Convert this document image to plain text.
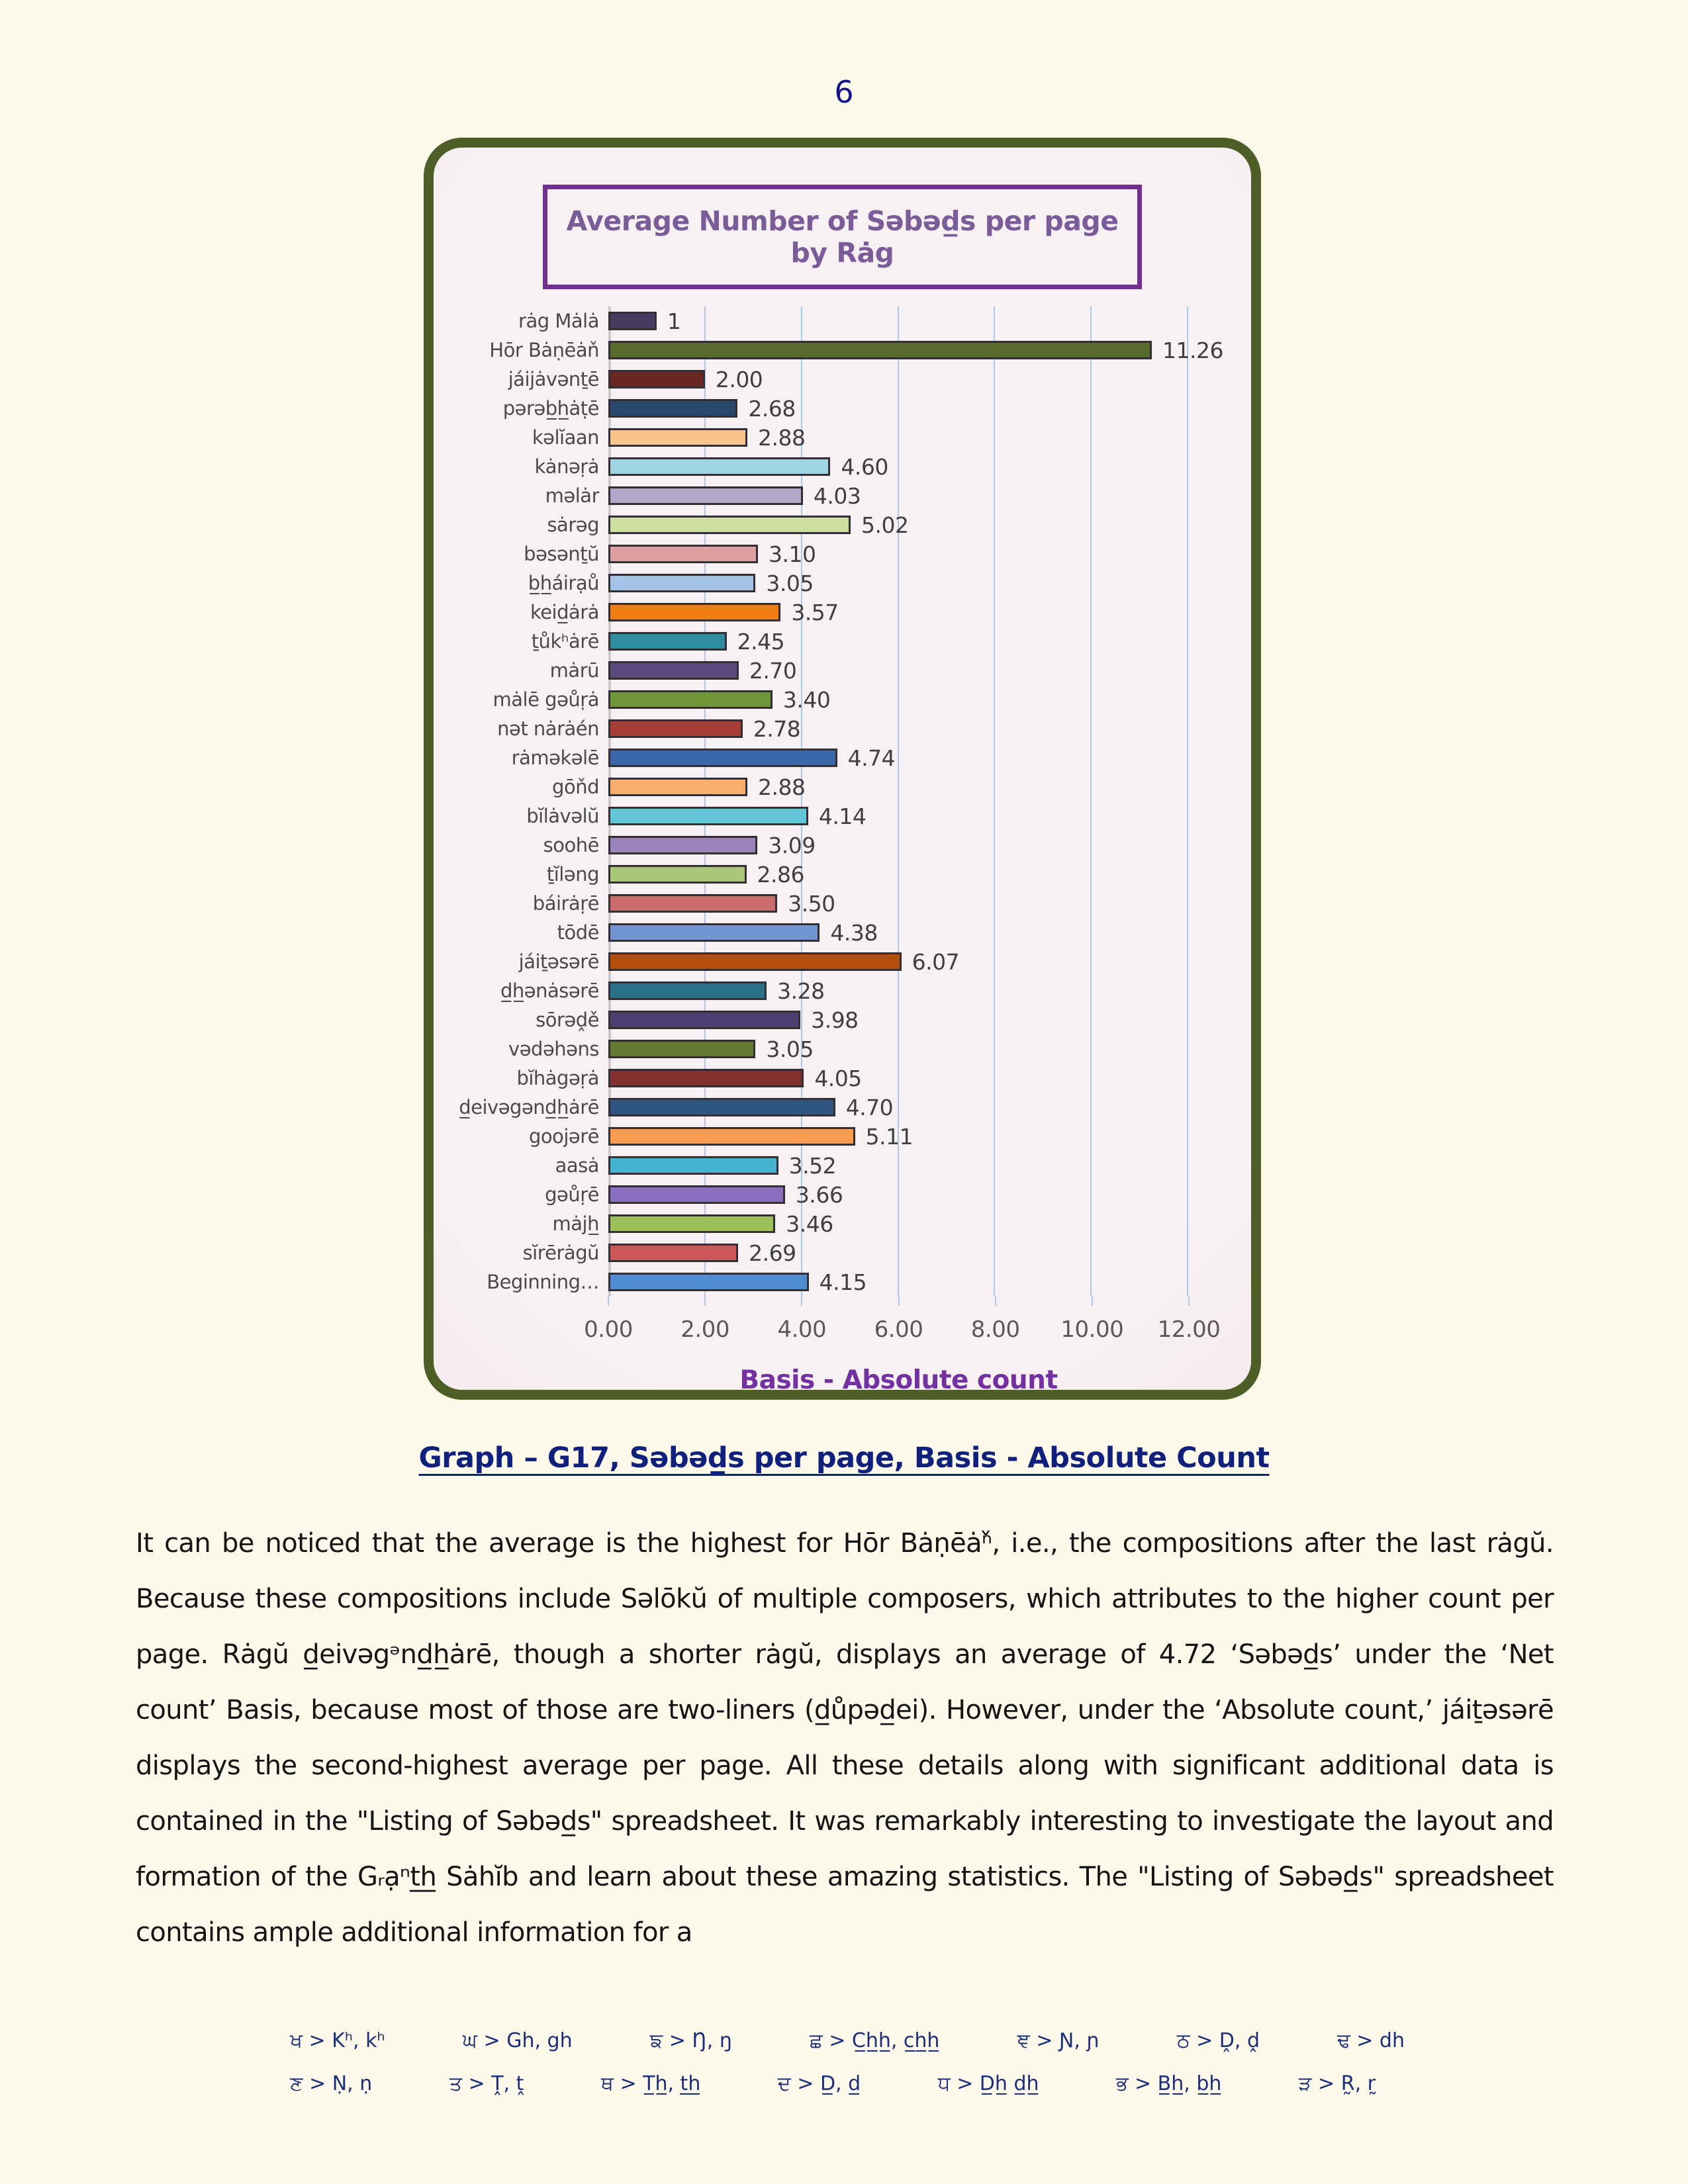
6
Average Number of Səbəd̲s per page by Rȧg
rȧg Mȧlȧ	1
Hōr Bȧṇēȧň	11.26
jáijȧvənṯē	2.00
pərəb̲h̲ȧṭē	2.68
kəlĭaan	2.88
kȧnəṛȧ	4.60
məlȧr	4.03
sȧrəg	5.02
bəsənṯŭ	3.10
b̲h̲áirạů	3.05
keid̲ȧrȧ	3.57
ṯůkʰȧrē	2.45
mȧrū	2.70
mȧlē gəůṛȧ	3.40
nət nȧrȧén	2.78
rȧməkəlē	4.74
gōňd	2.88
bĭlȧvəlŭ	4.14
soohē	3.09
ṯĭləng	2.86
báirȧṛē	3.50
tōdē	4.38
jáiṯəsərē	6.07
d̲h̲ənȧsərē	3.28
sōrəḓě	3.98
vədəhəns	3.05
bĭhȧgəṛȧ	4.05
d̲eivəgənd̲h̲ȧrē	4.70
goojərē	5.11
aasȧ	3.52
gəůṛē	3.66
mȧjh̲	3.46
sĭrērȧgŭ	2.69
Beginning…	4.15
0.00 2.00 4.00 6.00 8.00 10.00 12.00
Basis - Absolute count
Graph – G17, Səbəd̲s per page, Basis - Absolute Count
It can be noticed that the average is the highest for Hōr Bȧṇēȧⁿ̌, i.e., the compositions after the last rȧgŭ. Because these compositions include Səlōkŭ of multiple composers, which attributes to the higher count per page. Rȧgŭ d̲eivəgᵊnd̲h̲ȧrē, though a shorter rȧgŭ, displays an average of 4.72 ‘Səbəd̲s’ under the ‘Net count’ Basis, because most of those are two-liners (d̲ůpəd̲ei). However, under the ‘Absolute count,’ jáiṯəsərē displays the second-highest average per page. All these details along with significant additional data is contained in the "Listing of Səbəd̲s" spreadsheet. It was remarkably interesting to investigate the layout and formation of the Gᵣạⁿt̲h̲ Sȧhĭb and learn about these amazing statistics. The "Listing of Səbəd̲s" spreadsheet contains ample additional information for a
ਖ > Kʰ, kʰ	ਘ > Gh, gh	ਙ > Ŋ, ŋ	ਛ > C̲h̲h̲, c̲h̲h̲	ਞ > Ɲ, ɲ	ਠ > Ḓ, ḓ	ਢ > dh
ਣ > Ṇ, ṇ	ਤ > Ṱ, ṱ	ਥ > T̲h̲, t̲h̲	ਦ > D̲, d̲	ਧ > D̲h̲ d̲h̲	ਭ > B̲h̲, b̲h̲	ੜ > R̰, r̰
